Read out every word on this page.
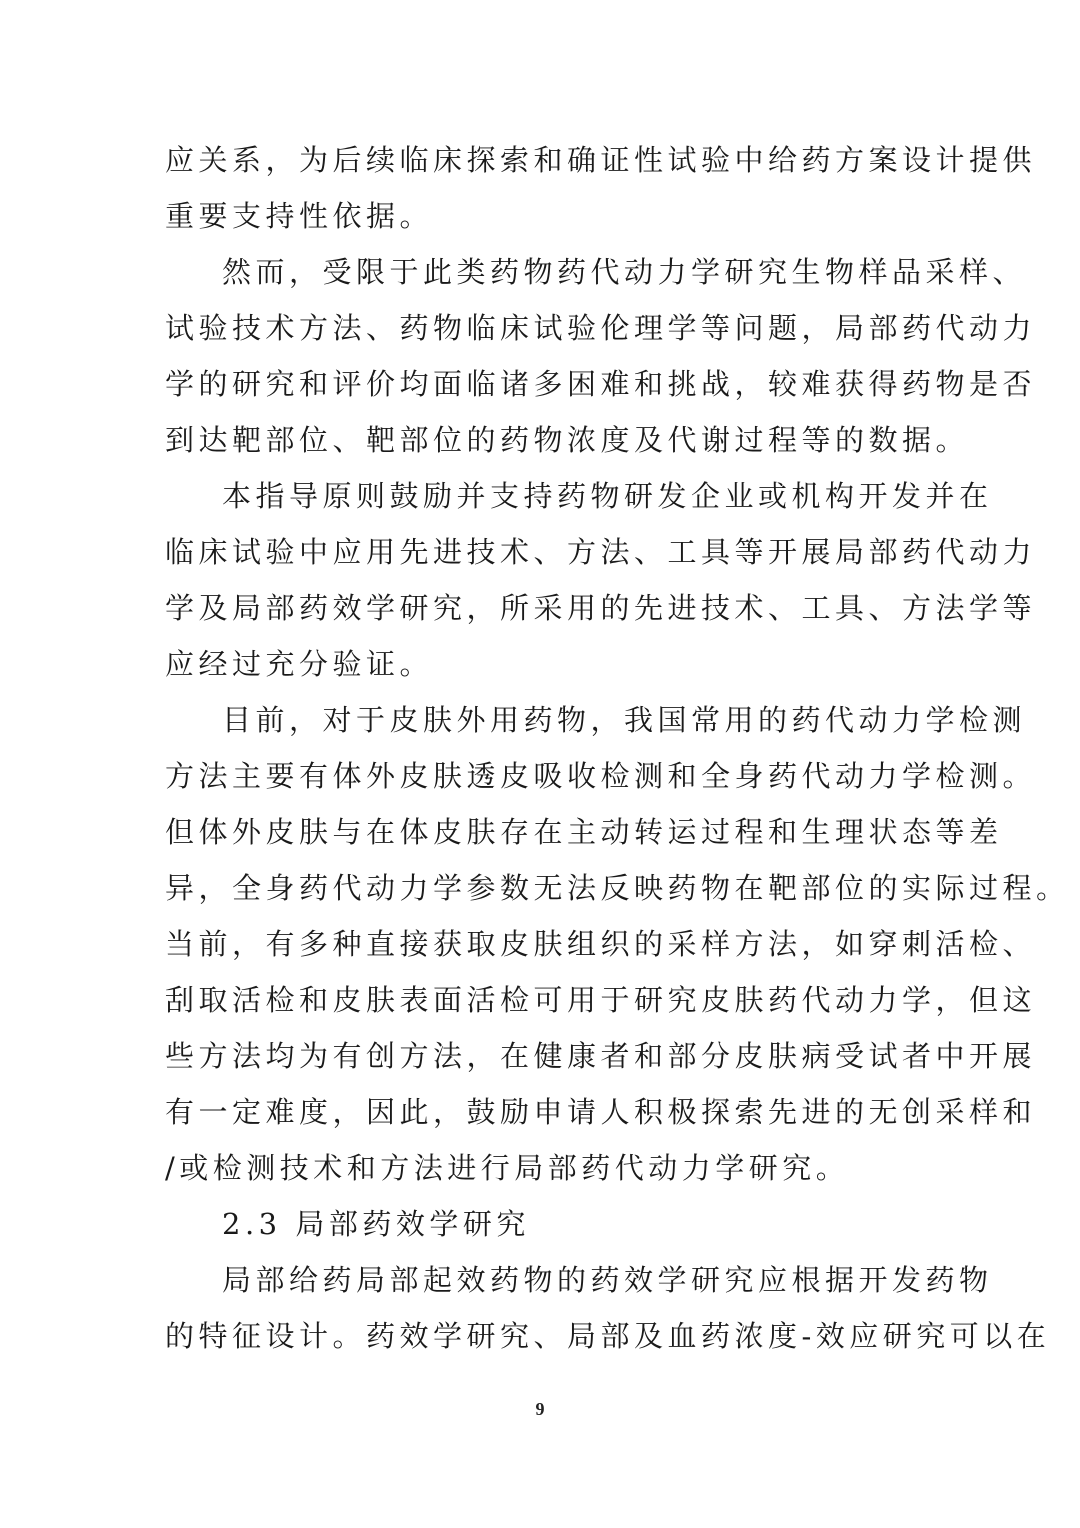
应关系，为后续临床探索和确证性试验中给药方案设计提供
重要支持性依据。
然而，受限于此类药物药代动力学研究生物样品采样、
试验技术方法、药物临床试验伦理学等问题，局部药代动力
学的研究和评价均面临诸多困难和挑战，较难获得药物是否
到达靶部位、靶部位的药物浓度及代谢过程等的数据。
本指导原则鼓励并支持药物研发企业或机构开发并在
临床试验中应用先进技术、方法、工具等开展局部药代动力
学及局部药效学研究，所采用的先进技术、工具、方法学等
应经过充分验证。
目前，对于皮肤外用药物，我国常用的药代动力学检测
方法主要有体外皮肤透皮吸收检测和全身药代动力学检测。
但体外皮肤与在体皮肤存在主动转运过程和生理状态等差
异，全身药代动力学参数无法反映药物在靶部位的实际过程。
当前，有多种直接获取皮肤组织的采样方法，如穿刺活检、
刮取活检和皮肤表面活检可用于研究皮肤药代动力学，但这
些方法均为有创方法，在健康者和部分皮肤病受试者中开展
有一定难度，因此，鼓励申请人积极探索先进的无创采样和
/或检测技术和方法进行局部药代动力学研究。
2.3 局部药效学研究
局部给药局部起效药物的药效学研究应根据开发药物
的特征设计。药效学研究、局部及血药浓度-效应研究可以在
9
